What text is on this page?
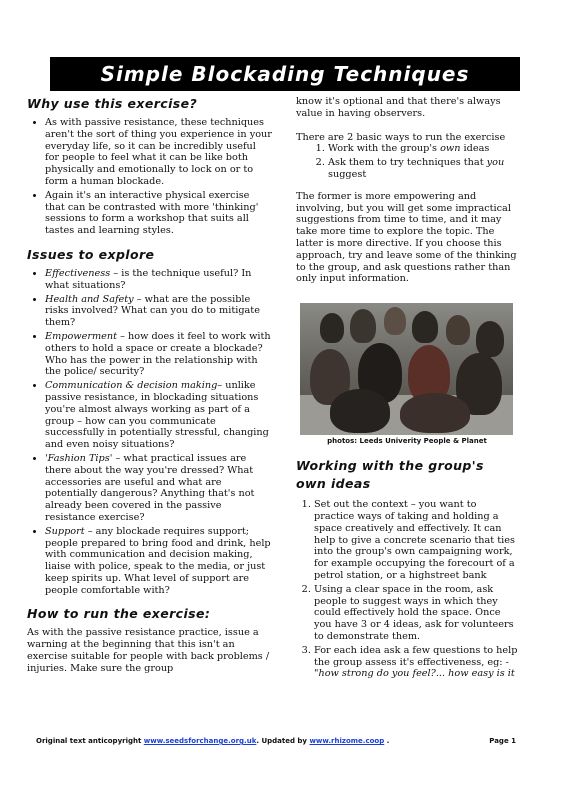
Simple Blockading Techniques
Why use this exercise?
• As with passive resistance, these techniques aren't the sort of thing you experience in your everyday life, so it can be incredibly useful for people to feel what it can be like both physically and emotionally to lock on or to form a human blockade.
• Again it's an interactive physical exercise that can be contrasted with more 'thinking' sessions to form a workshop that suits all tastes and learning styles.
Issues to explore
• Effectiveness – is the technique useful? In what situations?
• Health and Safety – what are the possible risks involved? What can you do to mitigate them?
• Empowerment – how does it feel to work with others to hold a space or create a blockade? Who has the power in the relationship with the police/ security?
• Communication & decision making– unlike passive resistance, in blockading situations you're almost always working as part of a group – how can you communicate successfully in potentially stressful, changing and even noisy situations?
• 'Fashion Tips' – what practical issues are there about the way you're dressed? What accessories are useful and what are potentially dangerous? Anything that's not already been covered in the passive resistance exercise?
• Support – any blockade requires support; people prepared to bring food and drink, help with communication and decision making, liaise with police, speak to the media, or just keep spirits up. What level of support are people comfortable with?
How to run the exercise:

As with the passive resistance practice, issue a warning at the beginning that this isn't an exercise suitable for people with back problems / injuries. Make sure the group

know it's optional and that there's always value in having observers.

There are 2 basic ways to run the exercise

1. Work with the group's own ideas
2. Ask them to try techniques that you suggest

The former is more empowering and involving, but you will get some impractical suggestions from time to time, and it may take more time to explore the topic. The latter is more directive. If you choose this approach, try and leave some of the thinking to the group, and ask questions rather than only input information.

photos: Leeds Univerity People & Planet
Working with the group's own ideas
1. Set out the context – you want to practice ways of taking and holding a space creatively and effectively. It can help to give a concrete scenario that ties into the group's own campaigning work, for example occupying the forecourt of a petrol station, or a highstreet bank
2. Using a clear space in the room, ask people to suggest ways in which they could effectively hold the space. Once you have 3 or 4 ideas, ask for volunteers to demonstrate them.
3. For each idea ask a few questions to help the group assess it's effectiveness, eg: - "how strong do you feel?... how easy is it
Original text anticopyright www.seedsforchange.org.uk. Updated by www.rhizome.coop .	Page 1
